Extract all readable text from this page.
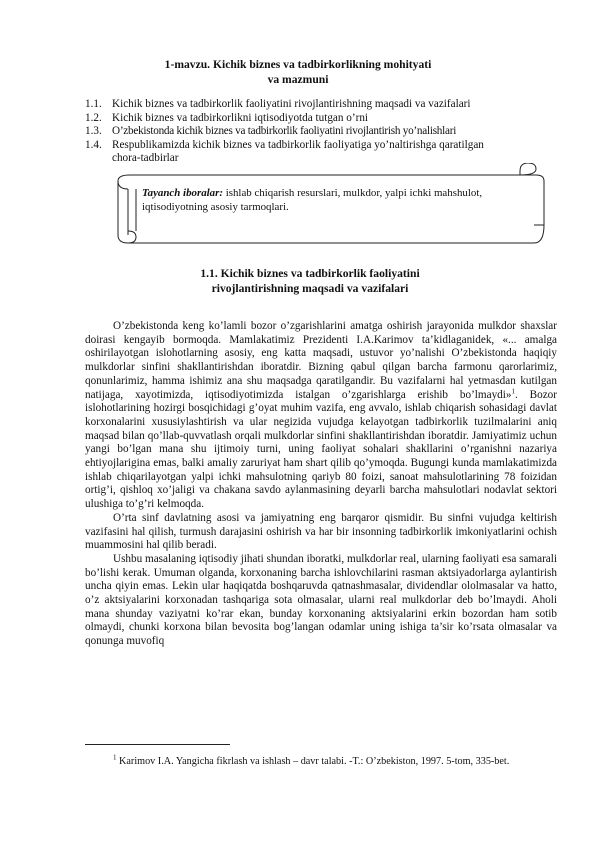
1-mavzu. Kichik biznes va tadbirkorlikning mohityati
va mazmuni
1.1. Kichik biznes va tadbirkorlik faoliyatini rivojlantirishning maqsadi va vazifalari
1.2. Kichik biznes va tadbirkorlikni iqtisodiyotda tutgan o’rni
1.3. O’zbekistonda kichik biznes va tadbirkorlik faoliyatini rivojlantirish yo’nalishlari
1.4. Respublikamizda kichik biznes va tadbirkorlik faoliyatiga yo’naltirishga qaratilgan
chora-tadbirlar
Tayanch iboralar: ishlab chiqarish resurslari, mulkdor, yalpi ichki mahshulot, iqtisodiyotning asosiy tarmoqlari.
1.1. Kichik biznes va tadbirkorlik faoliyatini
rivojlantirishning maqsadi va vazifalari

O’zbekistonda keng ko’lamli bozor o’zgarishlarini amatga oshirish jarayonida mulkdor shaxslar doirasi kengayib bormoqda. Mamlakatimiz Prezidenti I.A.Karimov ta’kidlaganidek, «... amalga oshirilayotgan islohotlarning asosiy, eng katta maqsadi, ustuvor yo’nalishi O’zbekistonda haqiqiy mulkdorlar sinfini shakllantirishdan iboratdir. Bizning qabul qilgan barcha farmonu qarorlarimiz, qonunlarimiz, hamma ishimiz ana shu maqsadga qaratilgandir. Bu vazifalarni hal yetmasdan kutilgan natijaga, xayotimizda, iqtisodiyotimizda istalgan o’zgarishlarga erishib bo’lmaydi»$^1$. Bozor islohotlarining hozirgi bosqichidagi g’oyat muhim vazifa, eng avvalo, ishlab chiqarish sohasidagi davlat korxonalarini xususiylashtirish va ular negizida vujudga kelayotgan tadbirkorlik tuzilmalarini aniq maqsad bilan qo’llab-quvvatlash orqali mulkdorlar sinfini shakllantirishdan iboratdir. Jamiyatimiz uchun yangi bo’lgan mana shu ijtimoiy turni, uning faoliyat sohalari shakllarini o’rganishni nazariya ehtiyojlarigina emas, balki amaliy zaruriyat ham shart qilib qo’ymoqda. Bugungi kunda mamlakatimizda ishlab chiqarilayotgan yalpi ichki mahsulotning qariyb 80 foizi, sanoat mahsulotlarining 78 foizidan ortig’i, qishloq xo’jaligi va chakana savdo aylanmasining deyarli barcha mahsulotlari nodavlat sektori ulushiga to’g’ri kelmoqda.

O’rta sinf davlatning asosi va jamiyatning eng barqaror qismidir. Bu sinfni vujudga keltirish vazifasini hal qilish, turmush darajasini oshirish va har bir insonning tadbirkorlik imkoniyatlarini ochish muammosini hal qilib beradi.

Ushbu masalaning iqtisodiy jihati shundan iboratki, mulkdorlar real, ularning faoliyati esa samarali bo’lishi kerak. Umuman olganda, korxonaning barcha ishlovchilarini rasman aktsiyadorlarga aylantirish uncha qiyin emas. Lekin ular haqiqatda boshqaruvda qatnashmasalar, dividendlar ololmasalar va hatto, o’z aktsiyalarini korxonadan tashqariga sota olmasalar, ularni real mulkdorlar deb bo’lmaydi. Aholi mana shunday vaziyatni ko’rar ekan, bunday korxonaning aktsiyalarini erkin bozordan ham sotib olmaydi, chunki korxona bilan bevosita bog’langan odamlar uning ishiga ta’sir ko’rsata olmasalar va qonunga muvofiq

$^1$ Karimov I.A. Yangicha fikrlash va ishlash – davr talabi. -T.: O’zbekiston, 1997. 5-tom, 335-bet.
